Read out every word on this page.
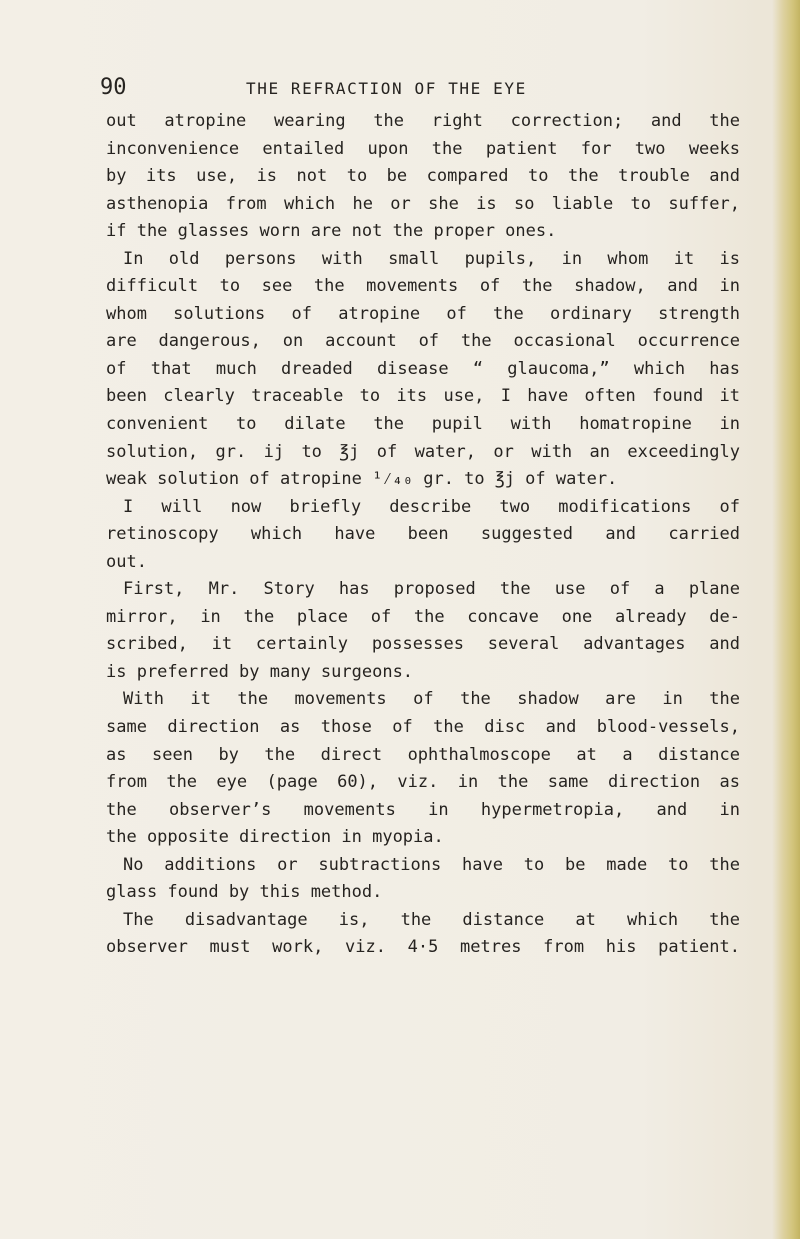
90	THE REFRACTION OF THE EYE
out atropine wearing the right correction; and the
inconvenience entailed upon the patient for two weeks
by its use, is not to be compared to the trouble and
asthenopia from which he or she is so liable to suffer,
if the glasses worn are not the proper ones.
In old persons with small pupils, in whom it is
difficult to see the movements of the shadow, and in
whom solutions of atropine of the ordinary strength
are dangerous, on account of the occasional occurrence
of that much dreaded disease “ glaucoma,” which has
been clearly traceable to its use, I have often found it
convenient to dilate the pupil with homatropine in
solution, gr. ij to ℥j of water, or with an exceedingly
weak solution of atropine ¹⁄₄₀ gr. to ℥j of water.
I will now briefly describe two modifications of
retinoscopy which have been suggested and carried
out.
First, Mr. Story has proposed the use of a plane
mirror, in the place of the concave one already de-
scribed, it certainly possesses several advantages and
is preferred by many surgeons.
With it the movements of the shadow are in the
same direction as those of the disc and blood-vessels,
as seen by the direct ophthalmoscope at a distance
from the eye (page 60), viz. in the same direction as
the observer’s movements in hypermetropia, and in
the opposite direction in myopia.
No additions or subtractions have to be made to the
glass found by this method.
The disadvantage is, the distance at which the
observer must work, viz. 4·5 metres from his patient.
